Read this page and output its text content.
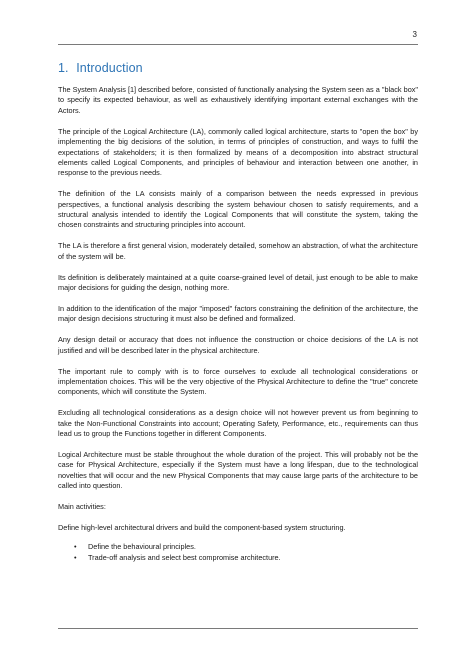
3
1. Introduction

The System Analysis [1] described before, consisted of functionally analysing the System seen as a "black box" to specify its expected behaviour, as well as exhaustively identifying important external exchanges with the Actors.

The principle of the Logical Architecture (LA), commonly called logical architecture, starts to "open the box" by implementing the big decisions of the solution, in terms of principles of construction, and ways to fulfil the expectations of stakeholders; it is then formalized by means of a decomposition into abstract structural elements called Logical Components, and principles of behaviour and interaction between one another, in response to the previous needs.

The definition of the LA consists mainly of a comparison between the needs expressed in previous perspectives, a functional analysis describing the system behaviour chosen to satisfy requirements, and a structural analysis intended to identify the Logical Components that will constitute the system, taking the chosen constraints and structuring principles into account.

The LA is therefore a first general vision, moderately detailed, somehow an abstraction, of what the architecture of the system will be.

Its definition is deliberately maintained at a quite coarse-grained level of detail, just enough to be able to make major decisions for guiding the design, nothing more.

In addition to the identification of the major "imposed" factors constraining the definition of the architecture, the major design decisions structuring it must also be defined and formalized.

Any design detail or accuracy that does not influence the construction or choice decisions of the LA is not justified and will be described later in the physical architecture.

The important rule to comply with is to force ourselves to exclude all technological considerations or implementation choices. This will be the very objective of the Physical Architecture to define the "true" concrete components, which will constitute the System.

Excluding all technological considerations as a design choice will not however prevent us from beginning to take the Non-Functional Constraints into account; Operating Safety, Performance, etc., requirements can thus lead us to group the Functions together in different Components.

Logical Architecture must be stable throughout the whole duration of the project. This will probably not be the case for Physical Architecture, especially if the System must have a long lifespan, due to the technological novelties that will occur and the new Physical Components that may cause large parts of the architecture to be called into question.

Main activities:

Define high-level architectural drivers and build the component-based system structuring.

• Define the behavioural principles.
• Trade-off analysis and select best compromise architecture.
